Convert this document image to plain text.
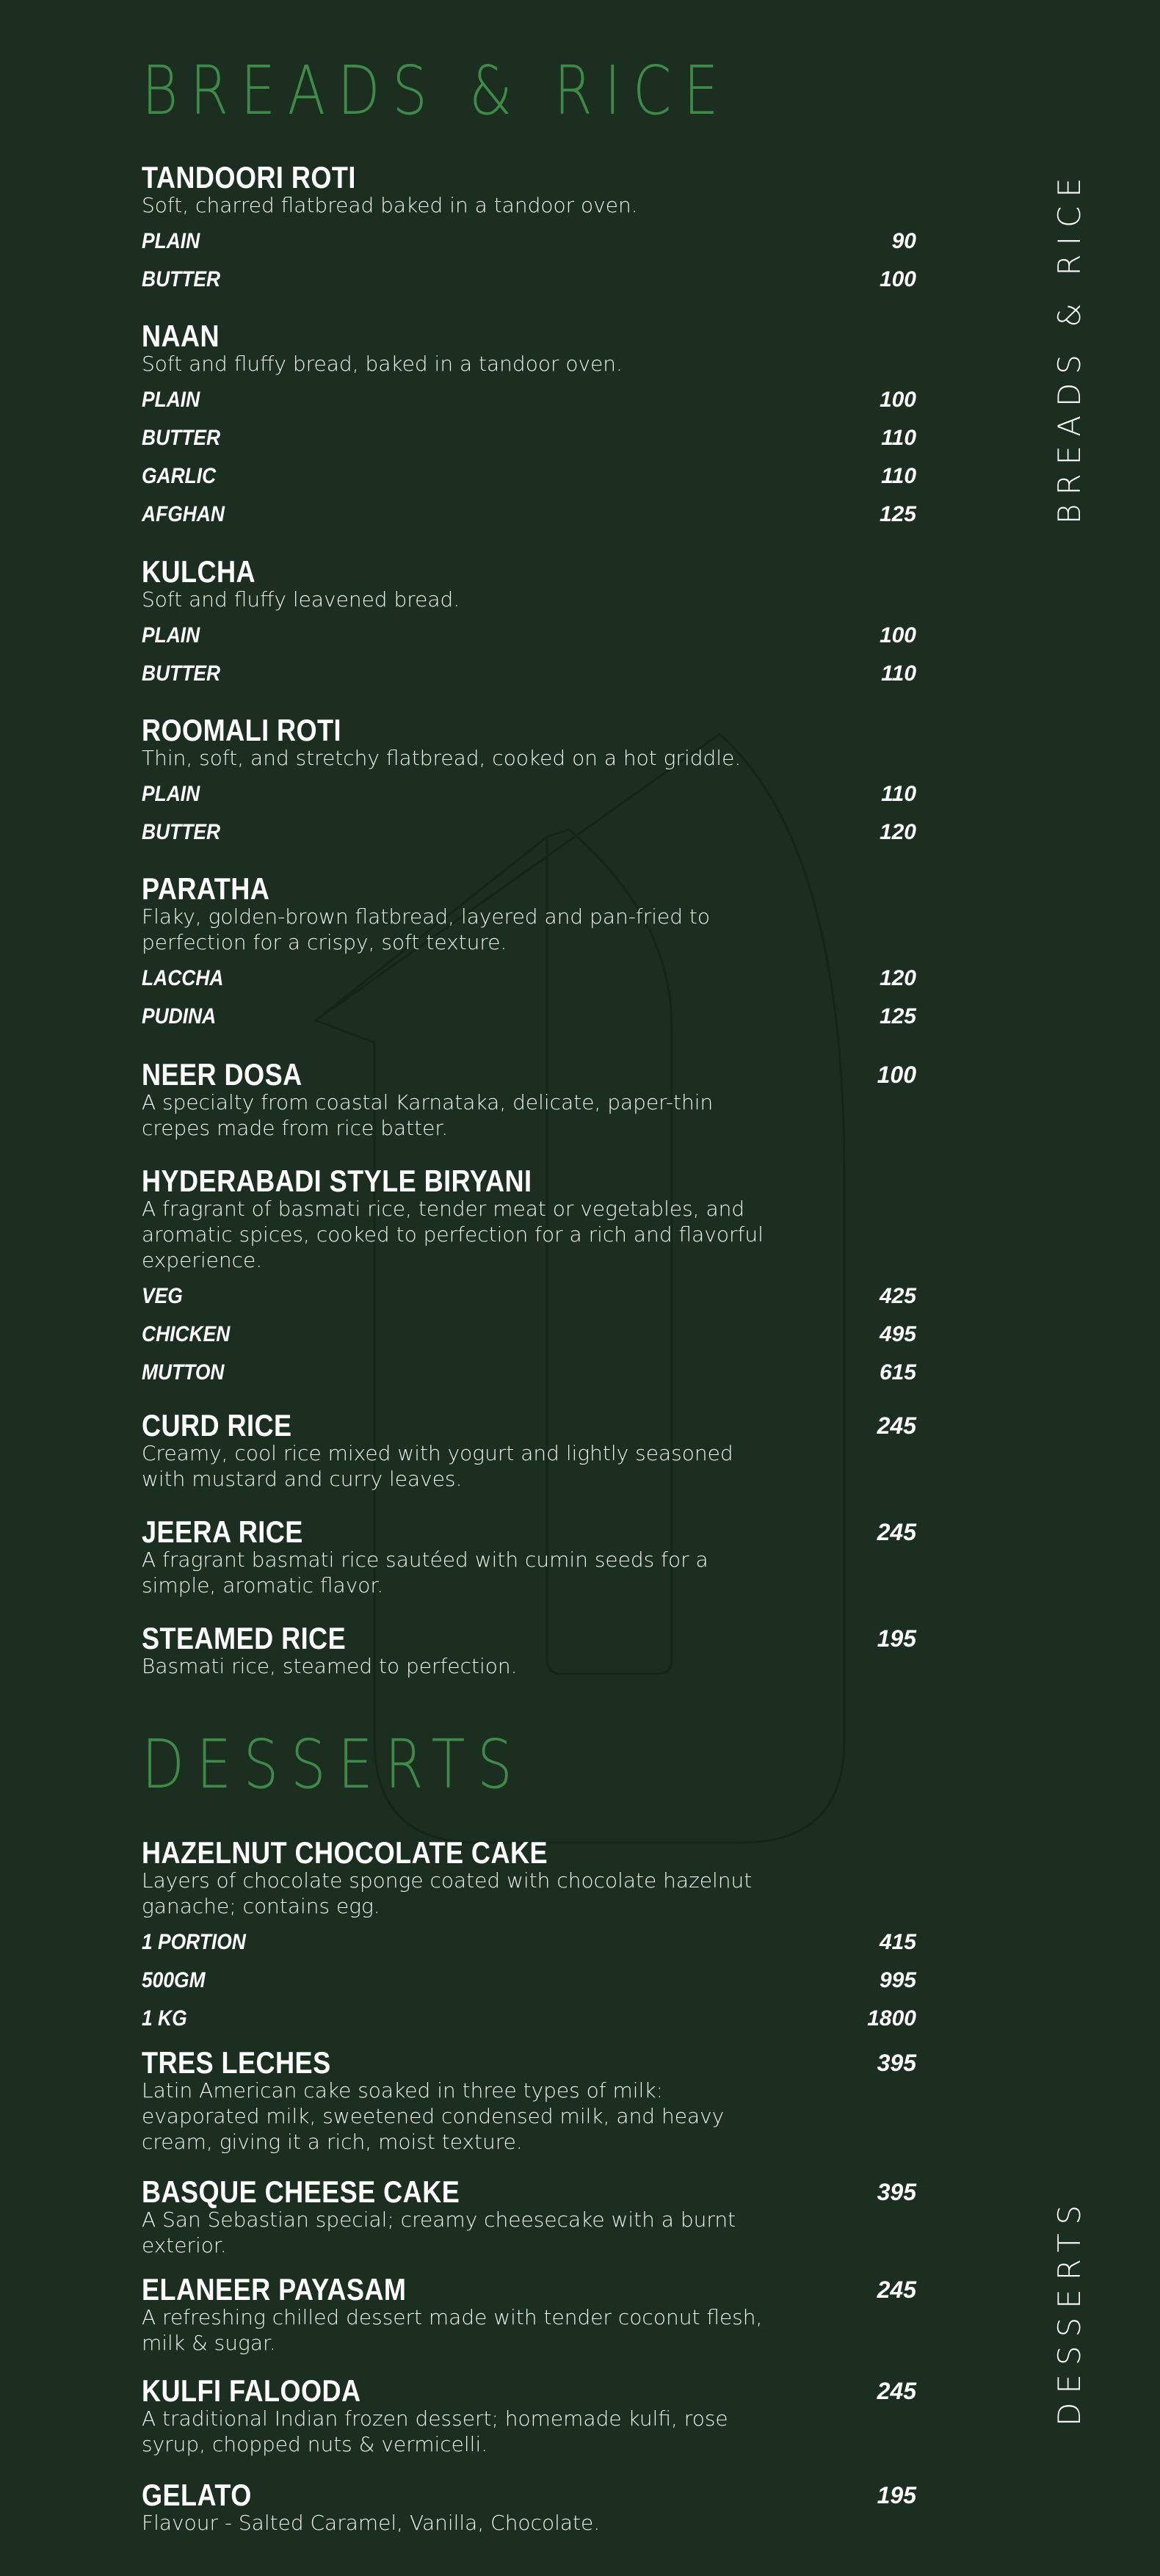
BREADS & RICE
DESSERTS
BREADS & RICE
TANDOORI ROTI
Soft, charred flatbread baked in a tandoor oven.
PLAIN	90
BUTTER	100
NAAN
Soft and fluffy bread, baked in a tandoor oven.
PLAIN	100
BUTTER	110
GARLIC	110
AFGHAN	125
KULCHA
Soft and fluffy leavened bread.
PLAIN	100
BUTTER	110
ROOMALI ROTI
Thin, soft, and stretchy flatbread, cooked on a hot griddle.
PLAIN	110
BUTTER	120
PARATHA
Flaky, golden-brown flatbread, layered and pan-fried to perfection for a crispy, soft texture.
LACCHA	120
PUDINA	125
NEER DOSA	100
A specialty from coastal Karnataka, delicate, paper-thin crepes made from rice batter.
HYDERABADI STYLE BIRYANI
A fragrant of basmati rice, tender meat or vegetables, and aromatic spices, cooked to perfection for a rich and flavorful experience.
VEG	425
CHICKEN	495
MUTTON	615
CURD RICE	245
Creamy, cool rice mixed with yogurt and lightly seasoned with mustard and curry leaves.
JEERA RICE	245
A fragrant basmati rice sautéed with cumin seeds for a simple, aromatic flavor.
STEAMED RICE	195
Basmati rice, steamed to perfection.
DESSERTS
HAZELNUT CHOCOLATE CAKE
Layers of chocolate sponge coated with chocolate hazelnut ganache; contains egg.
1 PORTION	415
500GM	995
1 KG	1800
TRES LECHES	395
Latin American cake soaked in three types of milk: evaporated milk, sweetened condensed milk, and heavy cream, giving it a rich, moist texture.
BASQUE CHEESE CAKE	395
A San Sebastian special; creamy cheesecake with a burnt exterior.
ELANEER PAYASAM	245
A refreshing chilled dessert made with tender coconut flesh, milk & sugar.
KULFI FALOODA	245
A traditional Indian frozen dessert; homemade kulfi, rose syrup, chopped nuts & vermicelli.
GELATO	195
Flavour - Salted Caramel, Vanilla, Chocolate.
